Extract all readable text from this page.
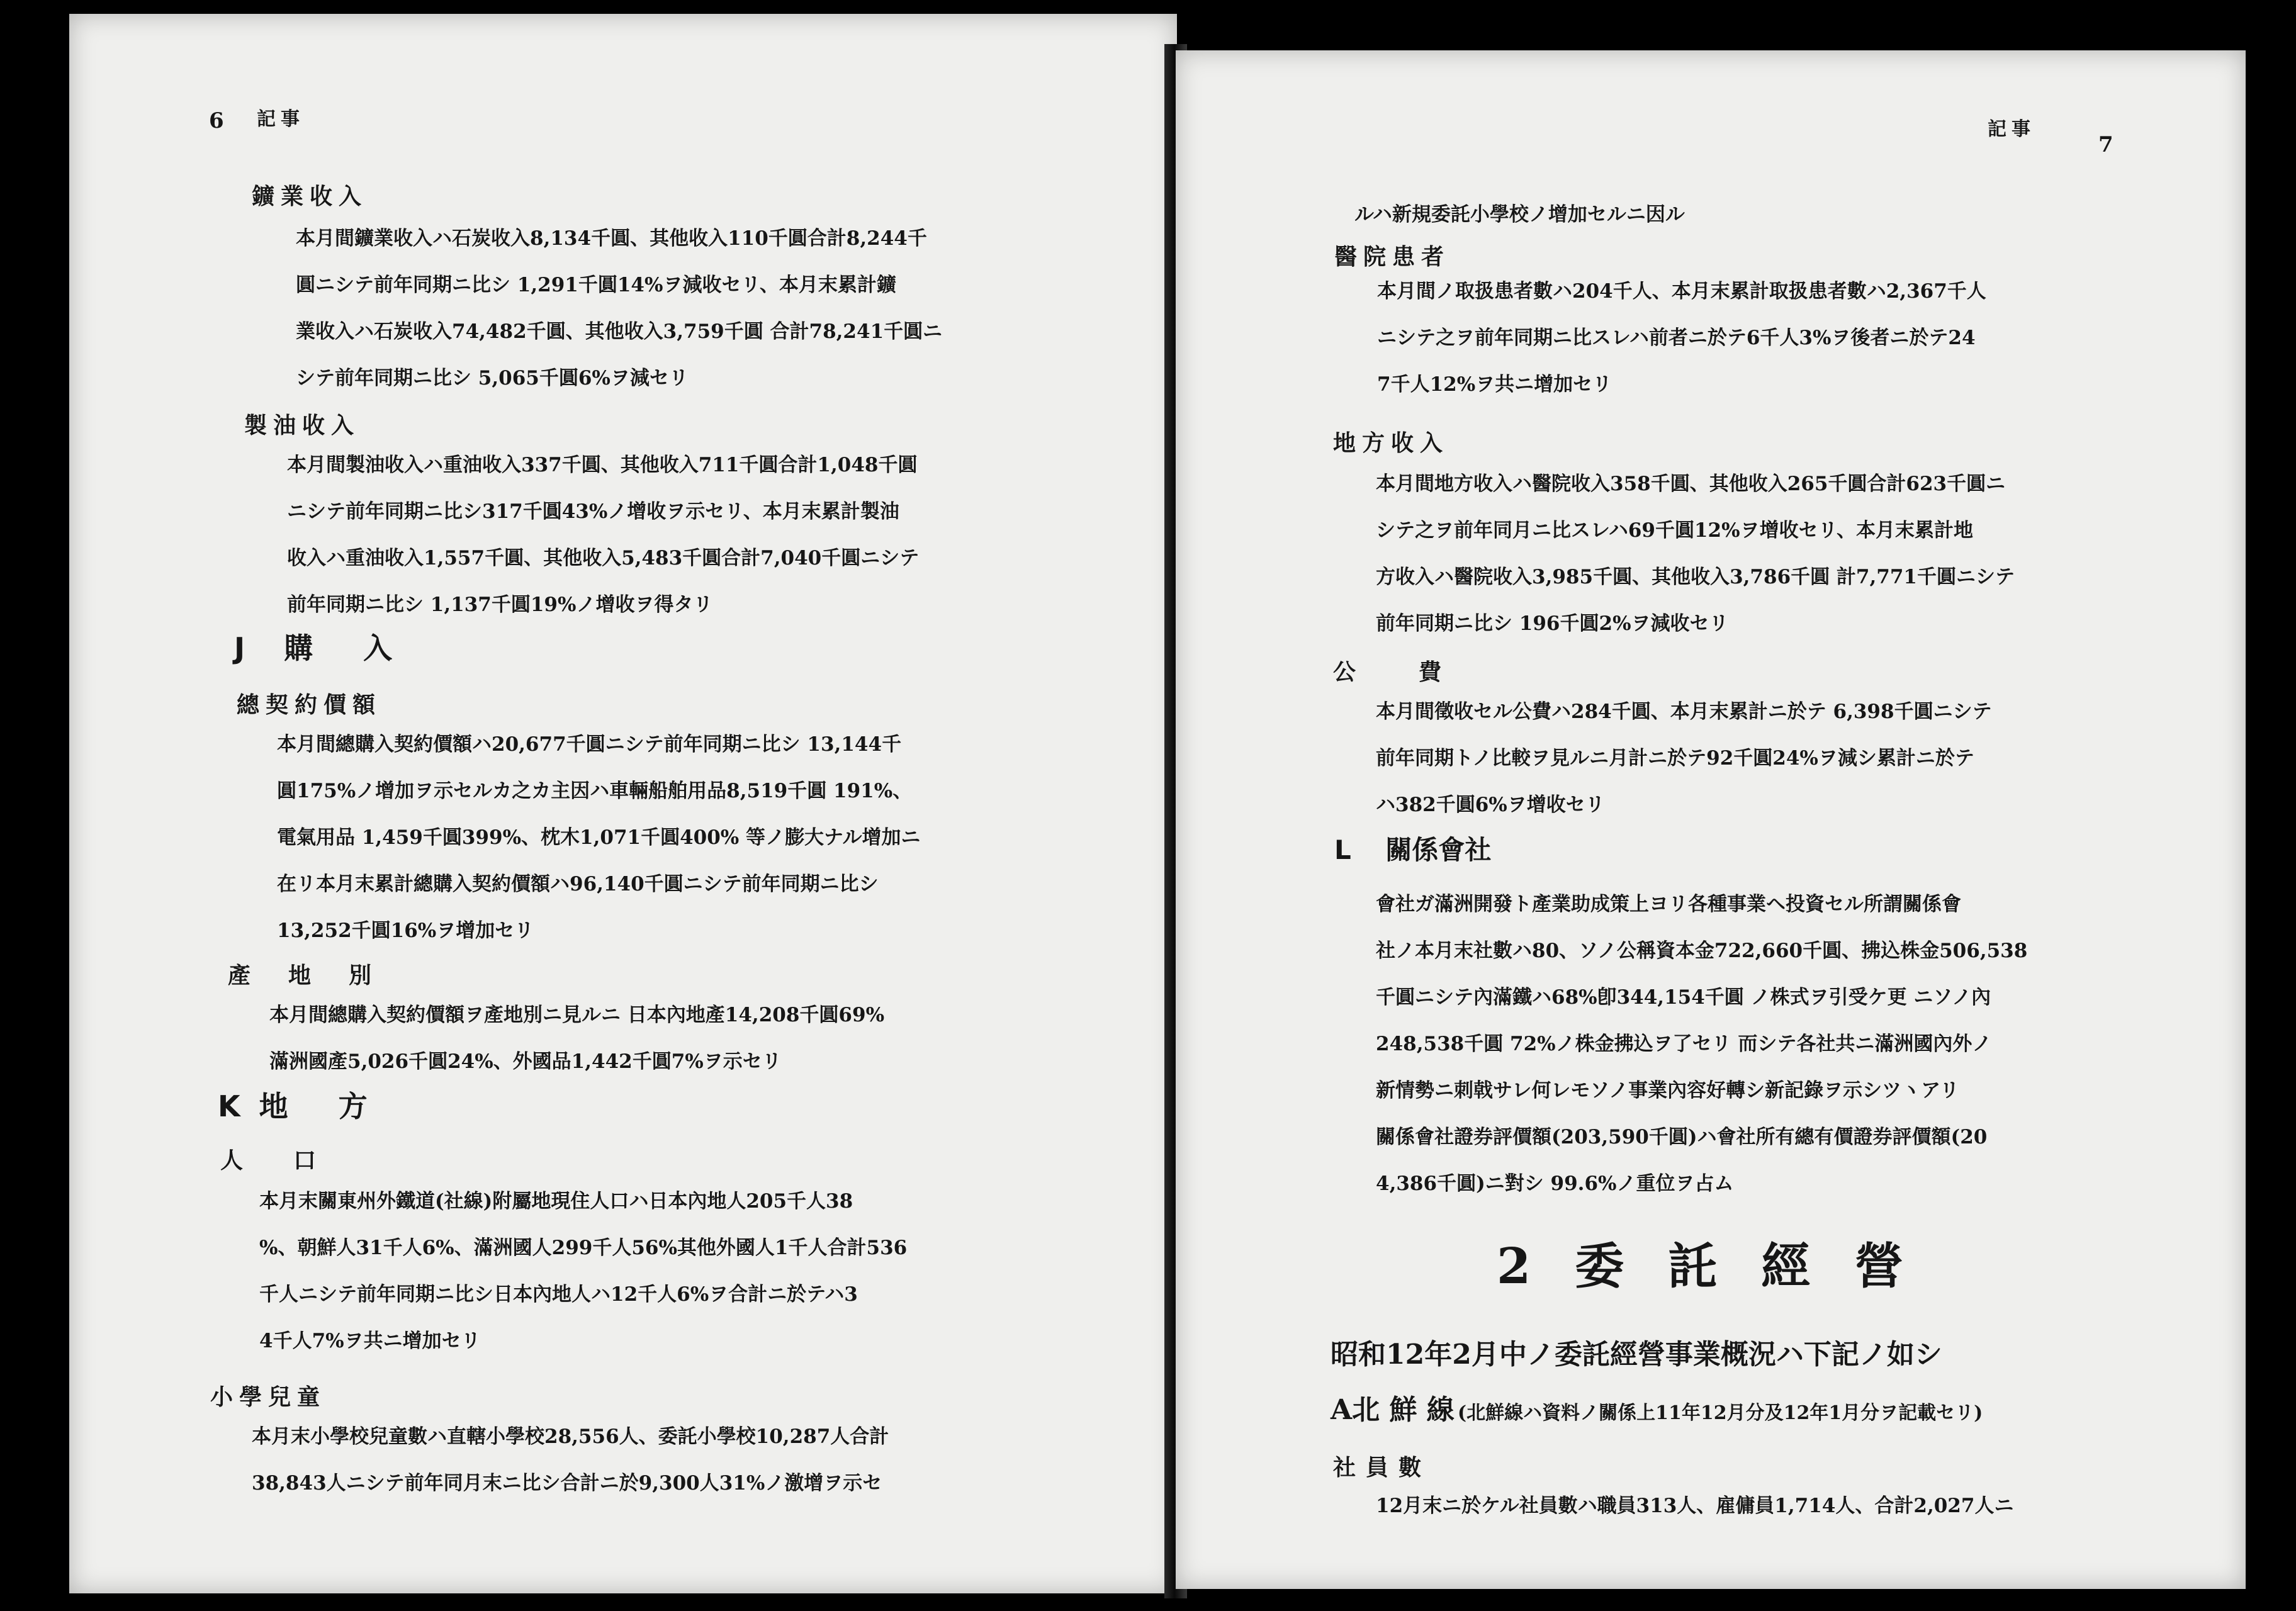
6 記事
鑛業收入
本月間鑛業收入ハ石炭收入8,134千圓、其他收入110千圓合計8,244千
圓ニシテ前年同期ニ比シ 1,291千圓14%ヲ減收セリ、本月末累計鑛
業收入ハ石炭收入74,482千圓、其他收入3,759千圓 合計78,241千圓ニ
シテ前年同期ニ比シ 5,065千圓6%ヲ減セリ
製油收入
本月間製油收入ハ重油收入337千圓、其他收入711千圓合計1,048千圓
ニシテ前年同期ニ比シ317千圓43%ノ增收ヲ示セリ、本月末累計製油
收入ハ重油收入1,557千圓、其他收入5,483千圓合計7,040千圓ニシテ
前年同期ニ比シ 1,137千圓19%ノ增收ヲ得タリ
J 購入
總契約價額
本月間總購入契約價額ハ20,677千圓ニシテ前年同期ニ比シ 13,144千
圓175%ノ增加ヲ示セルカ之カ主因ハ車輛船舶用品8,519千圓 191%、
電氣用品 1,459千圓399%、枕木1,071千圓400% 等ノ膨大ナル增加ニ
在リ本月末累計總購入契約價額ハ96,140千圓ニシテ前年同期ニ比シ
13,252千圓16%ヲ增加セリ
產地別
本月間總購入契約價額ヲ產地別ニ見ルニ 日本內地產14,208千圓69%
滿洲國產5,026千圓24%、外國品1,442千圓7%ヲ示セリ
K 地方
人口
本月末關東州外鐵道(社線)附屬地現住人口ハ日本內地人205千人38
%、朝鮮人31千人6%、滿洲國人299千人56%其他外國人1千人合計536
千人ニシテ前年同期ニ比シ日本內地人ハ12千人6%ヲ合計ニ於テハ3
4千人7%ヲ共ニ增加セリ
小學兒童
本月末小學校兒童數ハ直轄小學校28,556人、委託小學校10,287人合計
38,843人ニシテ前年同月末ニ比シ合計ニ於9,300人31%ノ激增ヲ示セ
記事
7
ルハ新規委託小學校ノ增加セルニ因ル
醫院患者
本月間ノ取扱患者數ハ204千人、本月末累計取扱患者數ハ2,367千人
ニシテ之ヲ前年同期ニ比スレハ前者ニ於テ6千人3%ヲ後者ニ於テ24
7千人12%ヲ共ニ增加セリ
地方收入
本月間地方收入ハ醫院收入358千圓、其他收入265千圓合計623千圓ニ
シテ之ヲ前年同月ニ比スレハ69千圓12%ヲ增收セリ、本月末累計地
方收入ハ醫院收入3,985千圓、其他收入3,786千圓 計7,771千圓ニシテ
前年同期ニ比シ 196千圓2%ヲ減收セリ
公費
本月間徵收セル公費ハ284千圓、本月末累計ニ於テ 6,398千圓ニシテ
前年同期トノ比較ヲ見ルニ月計ニ於テ92千圓24%ヲ減シ累計ニ於テ
ハ382千圓6%ヲ增收セリ
L 關係會社
會社ガ滿洲開發ト產業助成策上ヨリ各種事業ヘ投資セル所謂關係會
社ノ本月末社數ハ80、ソノ公稱資本金722,660千圓、拂込株金506,538
千圓ニシテ內滿鐵ハ68%卽344,154千圓 ノ株式ヲ引受ケ更 ニソノ內
248,538千圓 72%ノ株金拂込ヲ了セリ 而シテ各社共ニ滿洲國內外ノ
新情勢ニ刺戟サレ何レモソノ事業內容好轉シ新記錄ヲ示シツヽアリ
關係會社證券評價額(203,590千圓)ハ會社所有總有價證券評價額(20
4,386千圓)ニ對シ 99.6%ノ重位ヲ占ム
2委託經營
昭和12年2月中ノ委託經營事業概況ハ下記ノ如シ
A北 鮮 線 (北鮮線ハ資料ノ關係上11年12月分及12年1月分ヲ記載セリ)
社員數
12月末ニ於ケル社員數ハ職員313人、雇傭員1,714人、合計2,027人ニ
